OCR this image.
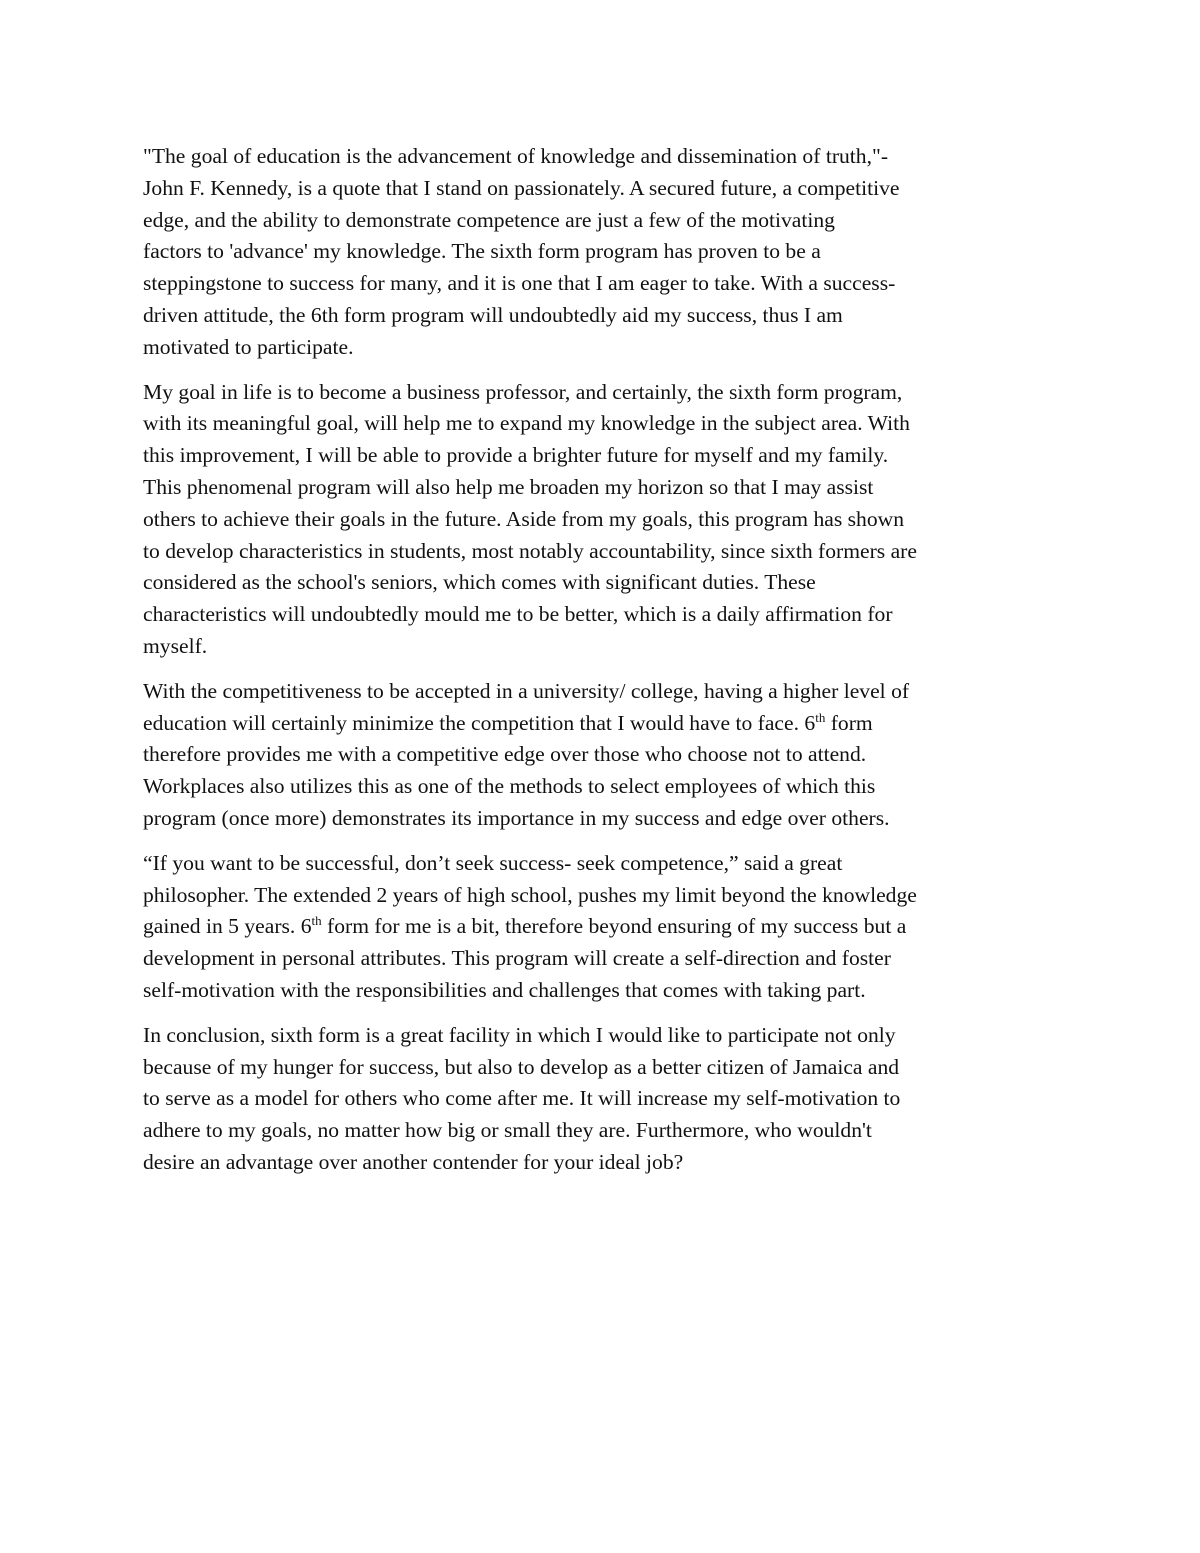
"The goal of education is the advancement of knowledge and dissemination of truth,"-
John F. Kennedy, is a quote that I stand on passionately. A secured future, a competitive
edge, and the ability to demonstrate competence are just a few of the motivating
factors to 'advance' my knowledge. The sixth form program has proven to be a
steppingstone to success for many, and it is one that I am eager to take. With a success-
driven attitude, the 6th form program will undoubtedly aid my success, thus I am
motivated to participate.
My goal in life is to become a business professor, and certainly, the sixth form program,
with its meaningful goal, will help me to expand my knowledge in the subject area. With
this improvement, I will be able to provide a brighter future for myself and my family.
This phenomenal program will also help me broaden my horizon so that I may assist
others to achieve their goals in the future. Aside from my goals, this program has shown
to develop characteristics in students, most notably accountability, since sixth formers are
considered as the school's seniors, which comes with significant duties. These
characteristics will undoubtedly mould me to be better, which is a daily affirmation for
myself.
With the competitiveness to be accepted in a university/ college, having a higher level of
education will certainly minimize the competition that I would have to face. 6th form
therefore provides me with a competitive edge over those who choose not to attend.
Workplaces also utilizes this as one of the methods to select employees of which this
program (once more) demonstrates its importance in my success and edge over others.
“If you want to be successful, don’t seek success- seek competence,” said a great
philosopher. The extended 2 years of high school, pushes my limit beyond the knowledge
gained in 5 years. 6th form for me is a bit, therefore beyond ensuring of my success but a
development in personal attributes. This program will create a self-direction and foster
self-motivation with the responsibilities and challenges that comes with taking part.
In conclusion, sixth form is a great facility in which I would like to participate not only
because of my hunger for success, but also to develop as a better citizen of Jamaica and
to serve as a model for others who come after me. It will increase my self-motivation to
adhere to my goals, no matter how big or small they are. Furthermore, who wouldn't
desire an advantage over another contender for your ideal job?
